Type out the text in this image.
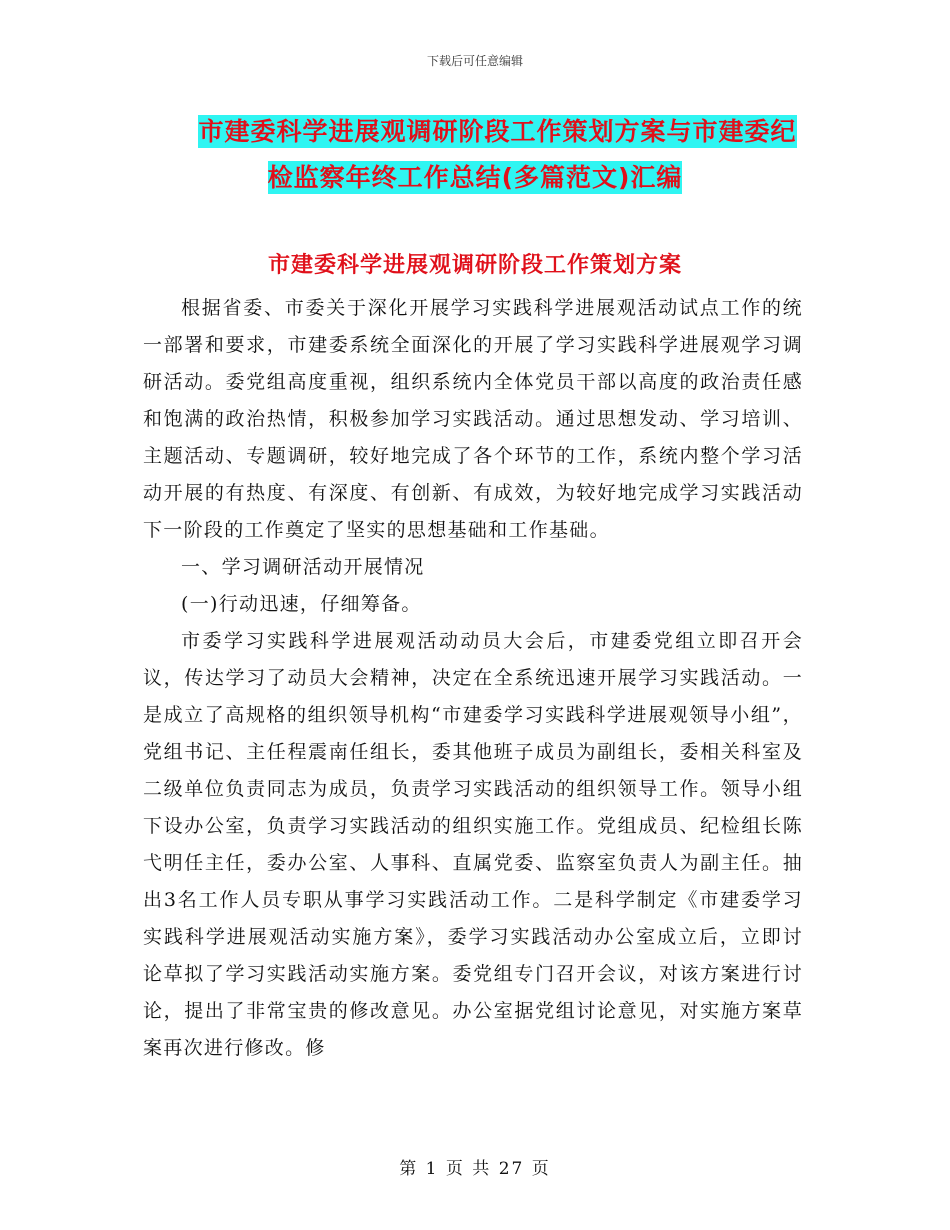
下载后可任意编辑
市建委科学进展观调研阶段工作策划方案与市建委纪
检监察年终工作总结(多篇范文)汇编
市建委科学进展观调研阶段工作策划方案

根据省委、市委关于深化开展学习实践科学进展观活动试点工作的统一部署和要求，市建委系统全面深化的开展了学习实践科学进展观学习调研活动。委党组高度重视，组织系统内全体党员干部以高度的政治责任感和饱满的政治热情，积极参加学习实践活动。通过思想发动、学习培训、主题活动、专题调研，较好地完成了各个环节的工作，系统内整个学习活动开展的有热度、有深度、有创新、有成效，为较好地完成学习实践活动下一阶段的工作奠定了坚实的思想基础和工作基础。

一、学习调研活动开展情况

(一)行动迅速，仔细筹备。

市委学习实践科学进展观活动动员大会后，市建委党组立即召开会议，传达学习了动员大会精神，决定在全系统迅速开展学习实践活动。一是成立了高规格的组织领导机构“市建委学习实践科学进展观领导小组”，党组书记、主任程震南任组长，委其他班子成员为副组长，委相关科室及二级单位负责同志为成员，负责学习实践活动的组织领导工作。领导小组下设办公室，负责学习实践活动的组织实施工作。党组成员、纪检组长陈弋明任主任，委办公室、人事科、直属党委、监察室负责人为副主任。抽出3名工作人员专职从事学习实践活动工作。二是科学制定《市建委学习实践科学进展观活动实施方案》，委学习实践活动办公室成立后，立即讨论草拟了学习实践活动实施方案。委党组专门召开会议，对该方案进行讨论，提出了非常宝贵的修改意见。办公室据党组讨论意见，对实施方案草案再次进行修改。修

第 1 页 共 27 页
